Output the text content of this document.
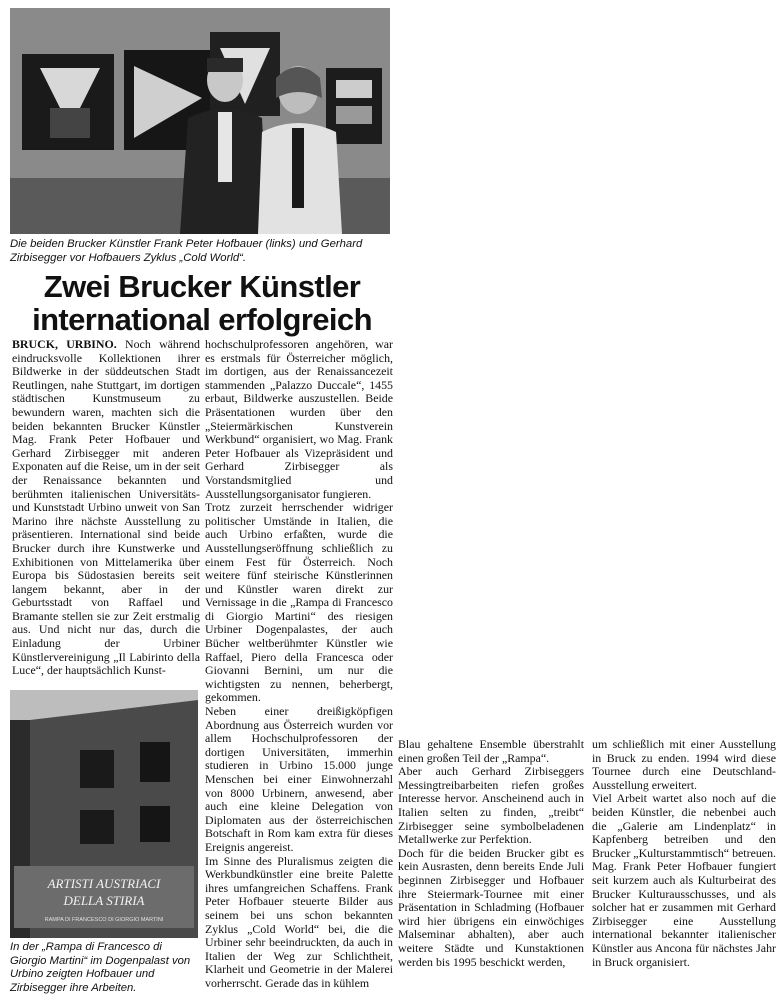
Die beiden Brucker Künstler Frank Peter Hofbauer (links) und Gerhard Zirbisegger vor Hofbauers Zyklus „Cold World“.
Zwei Brucker Künstler
international erfolgreich

BRUCK, URBINO. Noch während eindrucksvolle Kollektionen ihrer Bildwerke in der süddeutschen Stadt Reutlingen, nahe Stuttgart, im dortigen städtischen Kunstmuseum zu bewundern waren, machten sich die beiden bekannten Brucker Künstler Mag. Frank Peter Hofbauer und Gerhard Zirbisegger mit anderen Exponaten auf die Reise, um in der seit der Renaissance bekannten und berühmten italienischen Universitäts- und Kunststadt Urbino unweit von San Marino ihre nächste Ausstellung zu präsentieren. International sind beide Brucker durch ihre Kunstwerke und Exhibitionen von Mittelamerika über Europa bis Südostasien bereits seit langem bekannt, aber in der Geburtsstadt von Raffael und Bramante stellen sie zur Zeit erstmalig aus. Und nicht nur das, durch die Einladung der Urbiner Künstlervereinigung „Il Labirinto della Luce“, der hauptsächlich Kunst-

hochschulprofessoren angehören, war es erstmals für Österreicher möglich, im dortigen, aus der Renaissancezeit stammenden „Palazzo Duccale“, 1455 erbaut, Bildwerke auszustellen. Beide Präsentationen wurden über den „Steiermärkischen Kunstverein Werkbund“ organisiert, wo Mag. Frank Peter Hofbauer als Vizepräsident und Gerhard Zirbisegger als Vorstandsmitglied und Ausstellungsorganisator fungieren.

Trotz zurzeit herrschender widriger politischer Umstände in Italien, die auch Urbino erfaßten, wurde die Ausstellungseröffnung schließlich zu einem Fest für Österreich. Noch weitere fünf steirische Künstlerinnen und Künstler waren direkt zur Vernissage in die „Rampa di Francesco di Giorgio Martini“ des riesigen Urbiner Dogenpalastes, der auch Bücher weltberühmter Künstler wie Raffael, Piero della Francesca oder Giovanni Bernini, um nur die wichtigsten zu nennen, beherbergt, gekommen.

Neben einer dreißigköpfigen Abordnung aus Österreich wurden vor allem Hochschulprofessoren der dortigen Universitäten, immerhin studieren in Urbino 15.000 junge Menschen bei einer Einwohnerzahl von 8000 Urbinern, anwesend, aber auch eine kleine Delegation von Diplomaten aus der österreichischen Botschaft in Rom kam extra für dieses Ereignis angereist.

Im Sinne des Pluralismus zeigten die Werkbundkünstler eine breite Palette ihres umfangreichen Schaffens. Frank Peter Hofbauer steuerte Bilder aus seinem bei uns schon bekannten Zyklus „Cold World“ bei, die die Urbiner sehr beeindruckten, da auch in Italien der Weg zur Schlichtheit, Klarheit und Geometrie in der Malerei vorherrscht. Gerade das in kühlem

Blau gehaltene Ensemble überstrahlt einen großen Teil der „Rampa“.

Aber auch Gerhard Zirbiseggers Messingtreibarbeiten riefen großes Interesse hervor. Anscheinend auch in Italien selten zu finden, „treibt“ Zirbisegger seine symbolbeladenen Metallwerke zur Perfektion.

Doch für die beiden Brucker gibt es kein Ausrasten, denn bereits Ende Juli beginnen Zirbisegger und Hofbauer ihre Steiermark-Tournee mit einer Präsentation in Schladming (Hofbauer wird hier übrigens ein einwöchiges Malseminar abhalten), aber auch weitere Städte und Kunstaktionen werden bis 1995 beschickt werden,

um schließlich mit einer Ausstellung in Bruck zu enden. 1994 wird diese Tournee durch eine Deutschland-Ausstellung erweitert.

Viel Arbeit wartet also noch auf die beiden Künstler, die nebenbei auch die „Galerie am Lindenplatz“ in Kapfenberg betreiben und den Brucker „Kulturstammtisch“ betreuen. Mag. Frank Peter Hofbauer fungiert seit kurzem auch als Kulturbeirat des Brucker Kulturausschusses, und als solcher hat er zusammen mit Gerhard Zirbisegger eine Ausstellung international bekannter italienischer Künstler aus Ancona für nächstes Jahr in Bruck organisiert.

ARTISTI AUSTRIACI
DELLA STIRIA
RAMPA DI FRANCESCO DI GIORGIO MARTINI
In der „Rampa di Francesco di Giorgio Martini“ im Dogenpalast von Urbino zeigten Hofbauer und Zirbisegger ihre Arbeiten.
